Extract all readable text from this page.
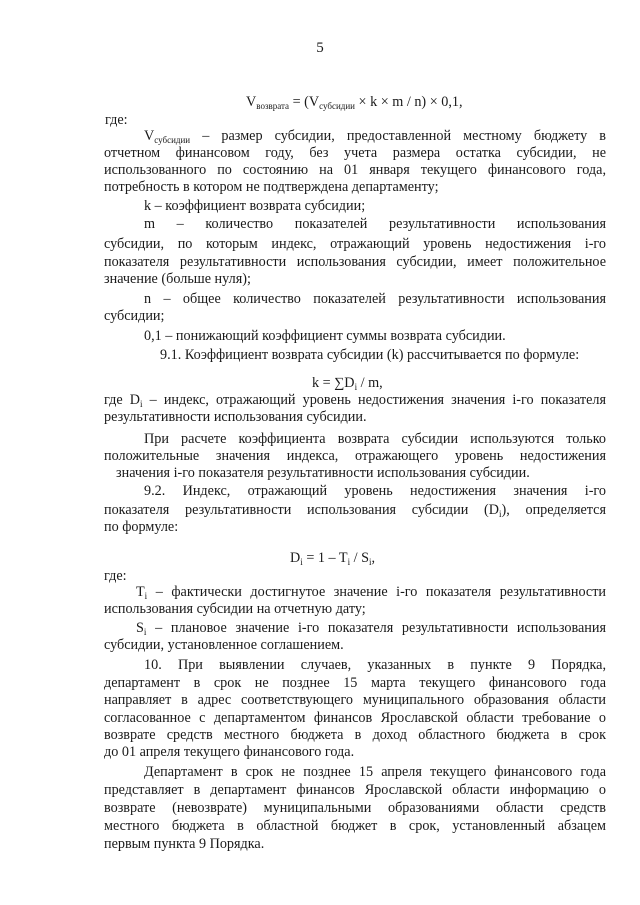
5
$V_{возврата} = (V_{субсидии} \times k \times m / n) \times 0,1$,
где:
$V_{субсидии}$ – размер субсидии, предоставленной местному бюджету в
отчетном финансовом году, без учета размера остатка субсидии, не
использованного по состоянию на 01 января текущего финансового года,
потребность в котором не подтверждена департаменту;
k – коэффициент возврата субсидии;
m – количество показателей результативности использования
субсидии, по которым индекс, отражающий уровень недостижения i-го
показателя результативности использования субсидии, имеет положительное
значение (больше нуля);
n – общее количество показателей результативности использования
субсидии;
0,1 – понижающий коэффициент суммы возврата субсидии.
9.1. Коэффициент возврата субсидии (k) рассчитывается по формуле:
$k = \sum D_i / m$,
где $D_i$ – индекс, отражающий уровень недостижения значения i-го показателя
результативности использования субсидии.
При расчете коэффициента возврата субсидии используются только
положительные значения индекса, отражающего уровень недостижения
значения i-го показателя результативности использования субсидии.
9.2. Индекс, отражающий уровень недостижения значения i-го
показателя результативности использования субсидии $(D_i)$, определяется
по формуле:
$D_i = 1 - T_i / S_i$,
где:
$T_i$ – фактически достигнутое значение i-го показателя результативности
использования субсидии на отчетную дату;
$S_i$ – плановое значение i-го показателя результативности использования
субсидии, установленное соглашением.
10. При выявлении случаев, указанных в пункте 9 Порядка,
департамент в срок не позднее 15 марта текущего финансового года
направляет в адрес соответствующего муниципального образования области
согласованное с департаментом финансов Ярославской области требование о
возврате средств местного бюджета в доход областного бюджета в срок
до 01 апреля текущего финансового года.
Департамент в срок не позднее 15 апреля текущего финансового года
представляет в департамент финансов Ярославской области информацию о
возврате (невозврате) муниципальными образованиями области средств
местного бюджета в областной бюджет в срок, установленный абзацем
первым пункта 9 Порядка.
